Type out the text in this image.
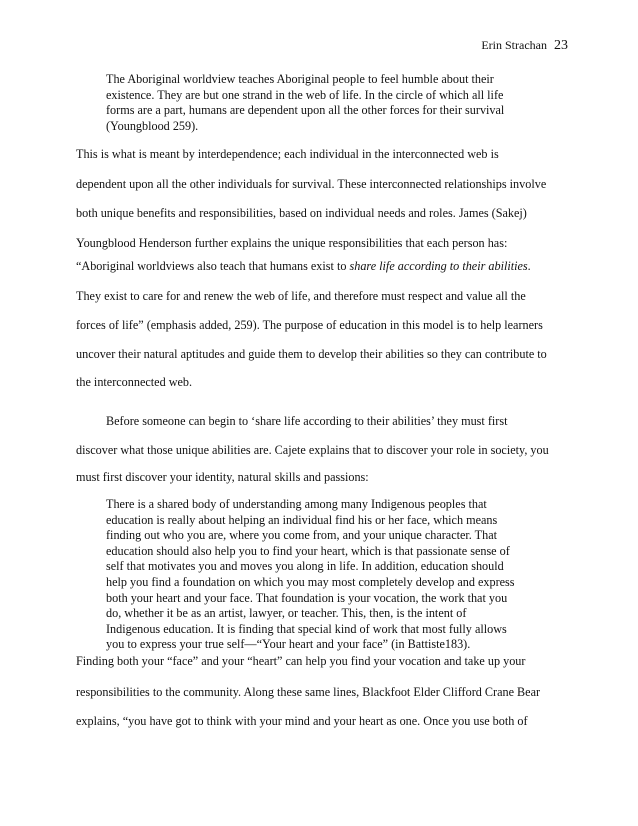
Erin Strachan 23
The Aboriginal worldview teaches Aboriginal people to feel humble about their
existence. They are but one strand in the web of life. In the circle of which all life
forms are a part, humans are dependent upon all the other forces for their survival
(Youngblood 259).
This is what is meant by interdependence; each individual in the interconnected web is
dependent upon all the other individuals for survival. These interconnected relationships involve
both unique benefits and responsibilities, based on individual needs and roles. James (Sakej)
Youngblood Henderson further explains the unique responsibilities that each person has:
“Aboriginal worldviews also teach that humans exist to share life according to their abilities.
They exist to care for and renew the web of life, and therefore must respect and value all the
forces of life” (emphasis added, 259). The purpose of education in this model is to help learners
uncover their natural aptitudes and guide them to develop their abilities so they can contribute to
the interconnected web.
Before someone can begin to ‘share life according to their abilities’ they must first
discover what those unique abilities are. Cajete explains that to discover your role in society, you
must first discover your identity, natural skills and passions:
There is a shared body of understanding among many Indigenous peoples that
education is really about helping an individual find his or her face, which means
finding out who you are, where you come from, and your unique character. That
education should also help you to find your heart, which is that passionate sense of
self that motivates you and moves you along in life. In addition, education should
help you find a foundation on which you may most completely develop and express
both your heart and your face. That foundation is your vocation, the work that you
do, whether it be as an artist, lawyer, or teacher. This, then, is the intent of
Indigenous education. It is finding that special kind of work that most fully allows
you to express your true self—“Your heart and your face” (in Battiste183).
Finding both your “face” and your “heart” can help you find your vocation and take up your
responsibilities to the community. Along these same lines, Blackfoot Elder Clifford Crane Bear
explains, “you have got to think with your mind and your heart as one. Once you use both of
